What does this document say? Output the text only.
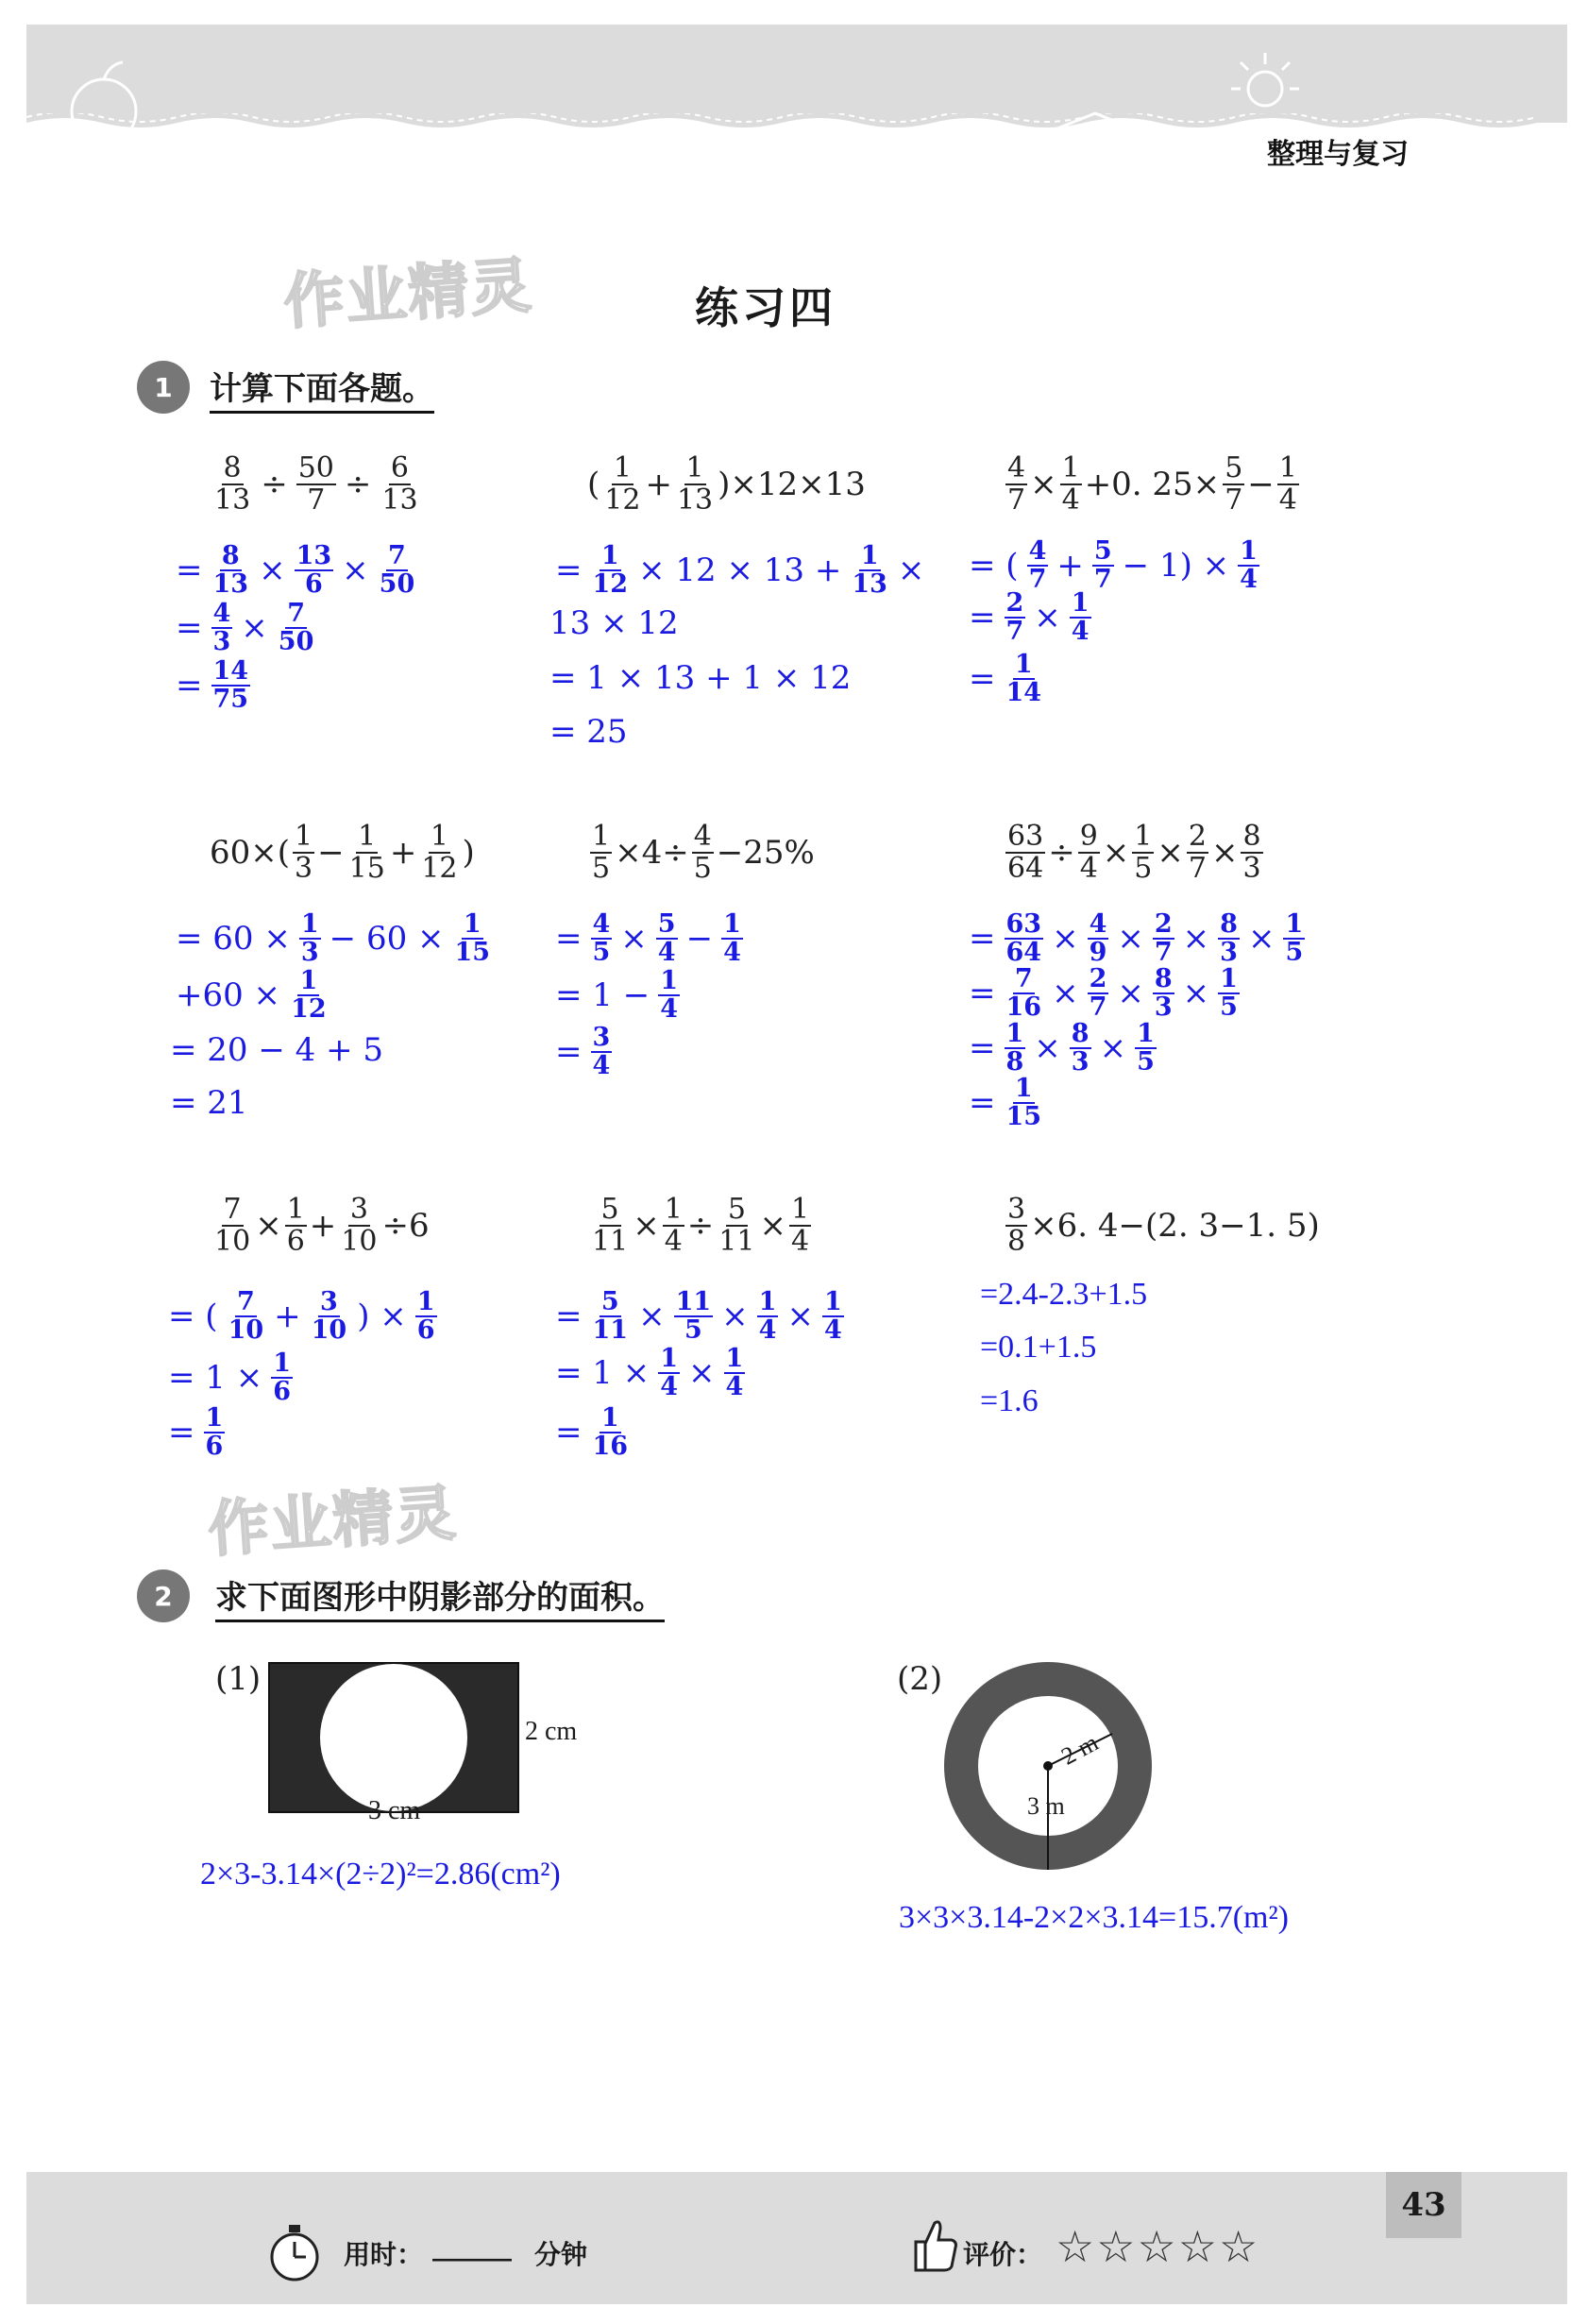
整理与复习
作业精灵
作业精灵
练习四
1	计算下面各题。
$\frac{8}{13} \div \frac{50}{7} \div \frac{6}{13}$
= $\frac{8}{13} \times \frac{13}{6} \times \frac{7}{50}$
= $\frac{4}{3} \times \frac{7}{50}$
= $\frac{14}{75}$
( 1
$12 + \frac{1}{13} )\times 12\times 13$
= $\frac{1}{12} \times 12 \times 13 + \frac{1}{13}$ ×
13 × 12
= 1 × 13 + 1 × 12
= 25
$\frac{4}{7} \times \frac{1}{4} +0$. $25\times \frac{5}{7} - \frac{1}{4}$
= ( 4
$7 + \frac{5}{7} - 1) \times \frac{1}{4}$
= $\frac{2}{7} \times \frac{1}{4}$
= $\frac{1}{14}$
60×( 1
$3 - \frac{1}{15} + \frac{1}{12}$ )
= $60 \times \frac{1}{3} - 60 \times \frac{1}{15}$
$+60 \times \frac{1}{12}$
= 20 − 4 + 5
= 21
$\frac{1}{5} \times 4\div \frac{4}{5} -25\%$
= $\frac{4}{5} \times \frac{5}{4} - \frac{1}{4}$
= $1 - \frac{1}{4}$
= $\frac{3}{4}$
$\frac{63}{64} \div \frac{9}{4} \times \frac{1}{5} \times \frac{2}{7} \times \frac{8}{3}$
= $\frac{63}{64} \times \frac{4}{9} \times \frac{2}{7} \times \frac{8}{3} \times \frac{1}{5}$
= $\frac{7}{16} \times \frac{2}{7} \times \frac{8}{3} \times \frac{1}{5}$
= $\frac{1}{8} \times \frac{8}{3} \times \frac{1}{5}$
= $\frac{1}{15}$
$\frac{7}{10} \times \frac{1}{6} + \frac{3}{10} \div 6$
= ( 7
$10 + \frac{3}{10}$ ) × $\frac{1}{6}$
= $1 \times \frac{1}{6}$
= $\frac{1}{6}$
$\frac{5}{11} \times \frac{1}{4} \div \frac{5}{11} \times \frac{1}{4}$
= $\frac{5}{11} \times \frac{11}{5} \times \frac{1}{4} \times \frac{1}{4}$
= $1 \times \frac{1}{4} \times \frac{1}{4}$
= $\frac{1}{16}$
$\frac{3}{8} \times 6$. 4−(2. 3−1. 5)
=2.4-2.3+1.5
=0.1+1.5
=1.6
2	求下面图形中阴影部分的面积。
(1)
2 cm
3 cm
2×3-3.14×(2÷2)²=2.86(cm²)
(2)
2 m
3 m
3×3×3.14-2×2×3.14=15.7(m²)
43
用时： ______ 分钟	评价： ☆☆☆☆☆
